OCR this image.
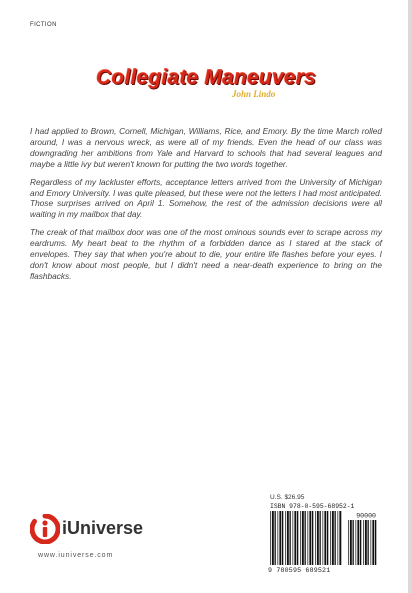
FICTION
Collegiate Maneuvers
John Lindo

I had applied to Brown, Cornell, Michigan, Williams, Rice, and Emory. By the time March rolled around, I was a nervous wreck, as were all of my friends. Even the head of our class was downgrading her ambitions from Yale and Harvard to schools that had several leagues and maybe a little ivy but weren't known for putting the two words together.

Regardless of my lackluster efforts, acceptance letters arrived from the University of Michigan and Emory University. I was quite pleased, but these were not the letters I had most anticipated. Those surprises arrived on April 1. Somehow, the rest of the admission decisions were all waiting in my mailbox that day.

The creak of that mailbox door was one of the most ominous sounds ever to scrape across my eardrums. My heart beat to the rhythm of a forbidden dance as I stared at the stack of envelopes. They say that when you're about to die, your entire life flashes before your eyes. I don't know about most people, but I didn't need a near-death experience to bring on the flashbacks.

iUniverse
www.iuniverse.com
U.S. $26.95
ISBN 978-0-595-68952-1
90000
9 780595 689521
